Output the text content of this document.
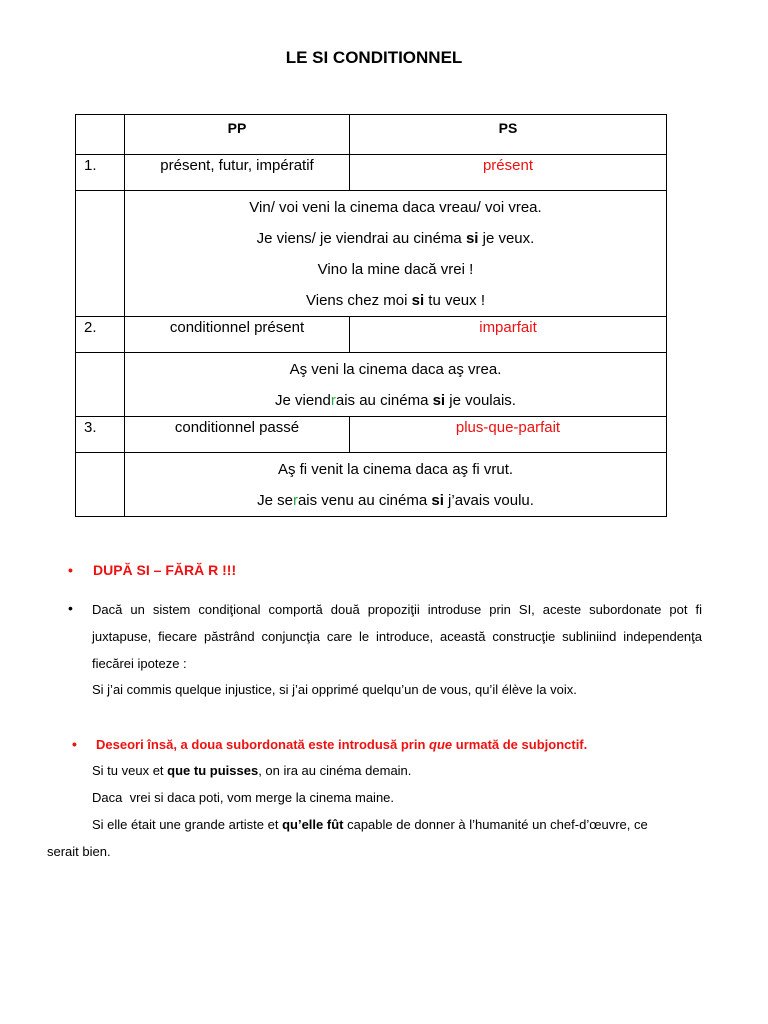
LE SI CONDITIONNEL
	PP	PS
1.	présent, futur, impératif	présent

	Vin/ voi veni la cinema daca vreau/ voi vrea.
Je viens/ je viendrai au cinéma si je veux.
Vino la mine dacă vrei !
Viens chez moi si tu veux !	

2.	conditionnel présent	imparfait

	Aş veni la cinema daca aş vrea.
Je viendrais au cinéma si je voulais.	

3.	conditionnel passé	plus-que-parfait

	Aş fi venit la cinema daca aş fi vrut.
Je serais venu au cinéma si j’avais voulu.	
• DUPĂ SI – FĂRĂ R !!!
• Dacă un sistem condiţional comportă două propoziţii introduse prin SI, aceste subordonate pot fi juxtapuse, fiecare păstrând conjuncţia care le introduce, această construcţie subliniind independenţa fiecărei ipoteze :
Si j’ai commis quelque injustice, si j’ai opprimé quelqu’un de vous, qu’il élève la voix.
• Deseori însă, a doua subordonată este introdusă prin que urmată de subjonctif.
Si tu veux et que tu puisses, on ira au cinéma demain.
Daca  vrei si daca poti, vom merge la cinema maine.
Si elle était une grande artiste et qu’elle fût capable de donner à l’humanité un chef-d’œuvre, ce
serait bien.
